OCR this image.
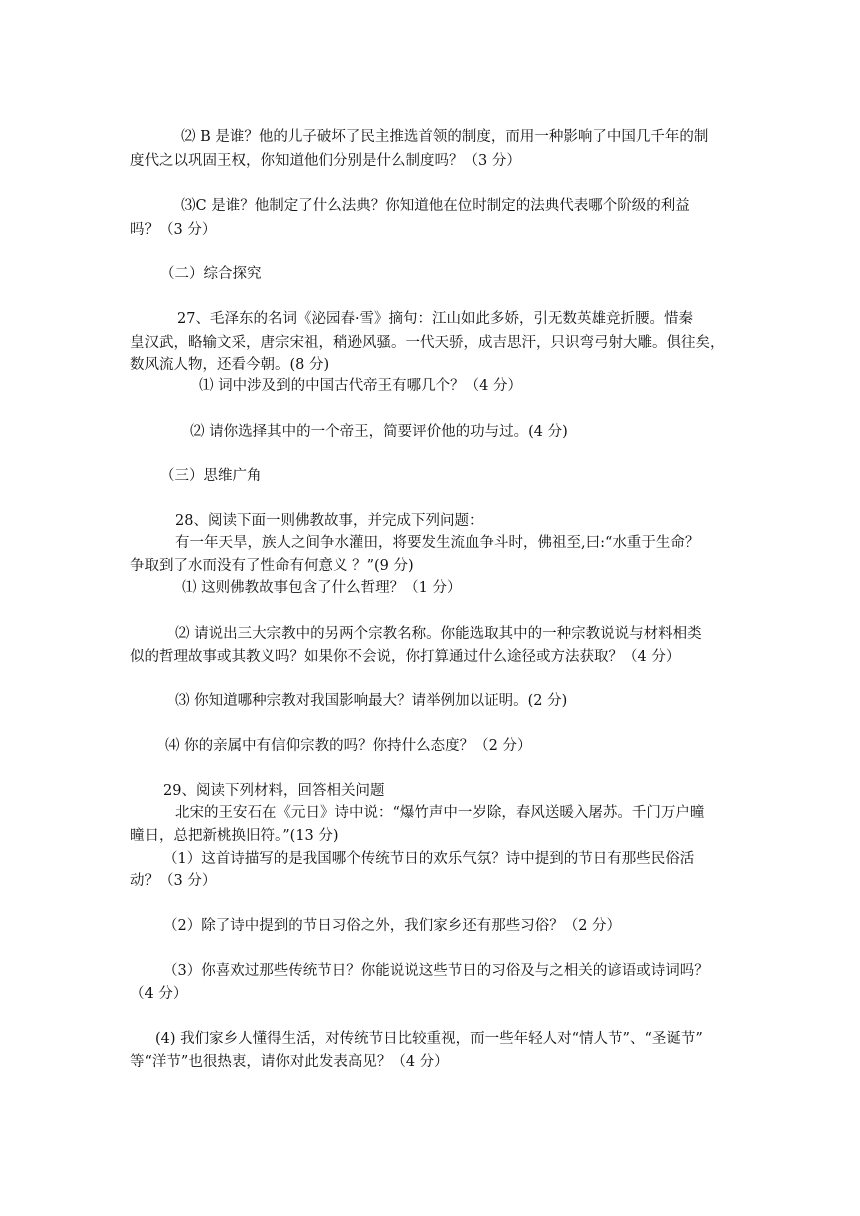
⑵ B 是谁？他的儿子破坏了民主推选首领的制度，而用一种影响了中国几千年的制
度代之以巩固王权，你知道他们分别是什么制度吗？（3 分）
⑶C 是谁？他制定了什么法典？你知道他在位时制定的法典代表哪个阶级的利益
吗？（3 分）
（二）综合探究
27、毛泽东的名词《泌园春·雪》摘句：江山如此多娇，引无数英雄竞折腰。惜秦
皇汉武，略输文采，唐宗宋祖，稍逊风骚。一代天骄，成吉思汗，只识弯弓射大雕。俱往矣，
数风流人物，还看今朝。(8 分)
⑴ 词中涉及到的中国古代帝王有哪几个？（4 分）
⑵ 请你选择其中的一个帝王，简要评价他的功与过。(4 分)
（三）思维广角
28、阅读下面一则佛教故事，并完成下列问题：
有一年天旱，族人之间争水灌田，将要发生流血争斗时，佛祖至,曰:“水重于生命？
争取到了水而没有了性命有何意义 ？”(9 分)
⑴ 这则佛教故事包含了什么哲理？（1 分）
⑵ 请说出三大宗教中的另两个宗教名称。你能选取其中的一种宗教说说与材料相类
似的哲理故事或其教义吗？如果你不会说，你打算通过什么途径或方法获取？（4 分）
⑶ 你知道哪种宗教对我国影响最大？请举例加以证明。(2 分)
⑷ 你的亲属中有信仰宗教的吗？你持什么态度？（2 分）
29、阅读下列材料，回答相关问题
北宋的王安石在《元日》诗中说：“爆竹声中一岁除，春风送暖入屠苏。千门万户曈
曈日，总把新桃换旧符。”(13 分)
（1）这首诗描写的是我国哪个传统节日的欢乐气氛？诗中提到的节日有那些民俗活
动？（3 分）
（2）除了诗中提到的节日习俗之外，我们家乡还有那些习俗？（2 分）
（3）你喜欢过那些传统节日？你能说说这些节日的习俗及与之相关的谚语或诗词吗？
（4 分）
(4) 我们家乡人懂得生活，对传统节日比较重视，而一些年轻人对“情人节”、“圣诞节”
等“洋节”也很热衷，请你对此发表高见？（4 分）
